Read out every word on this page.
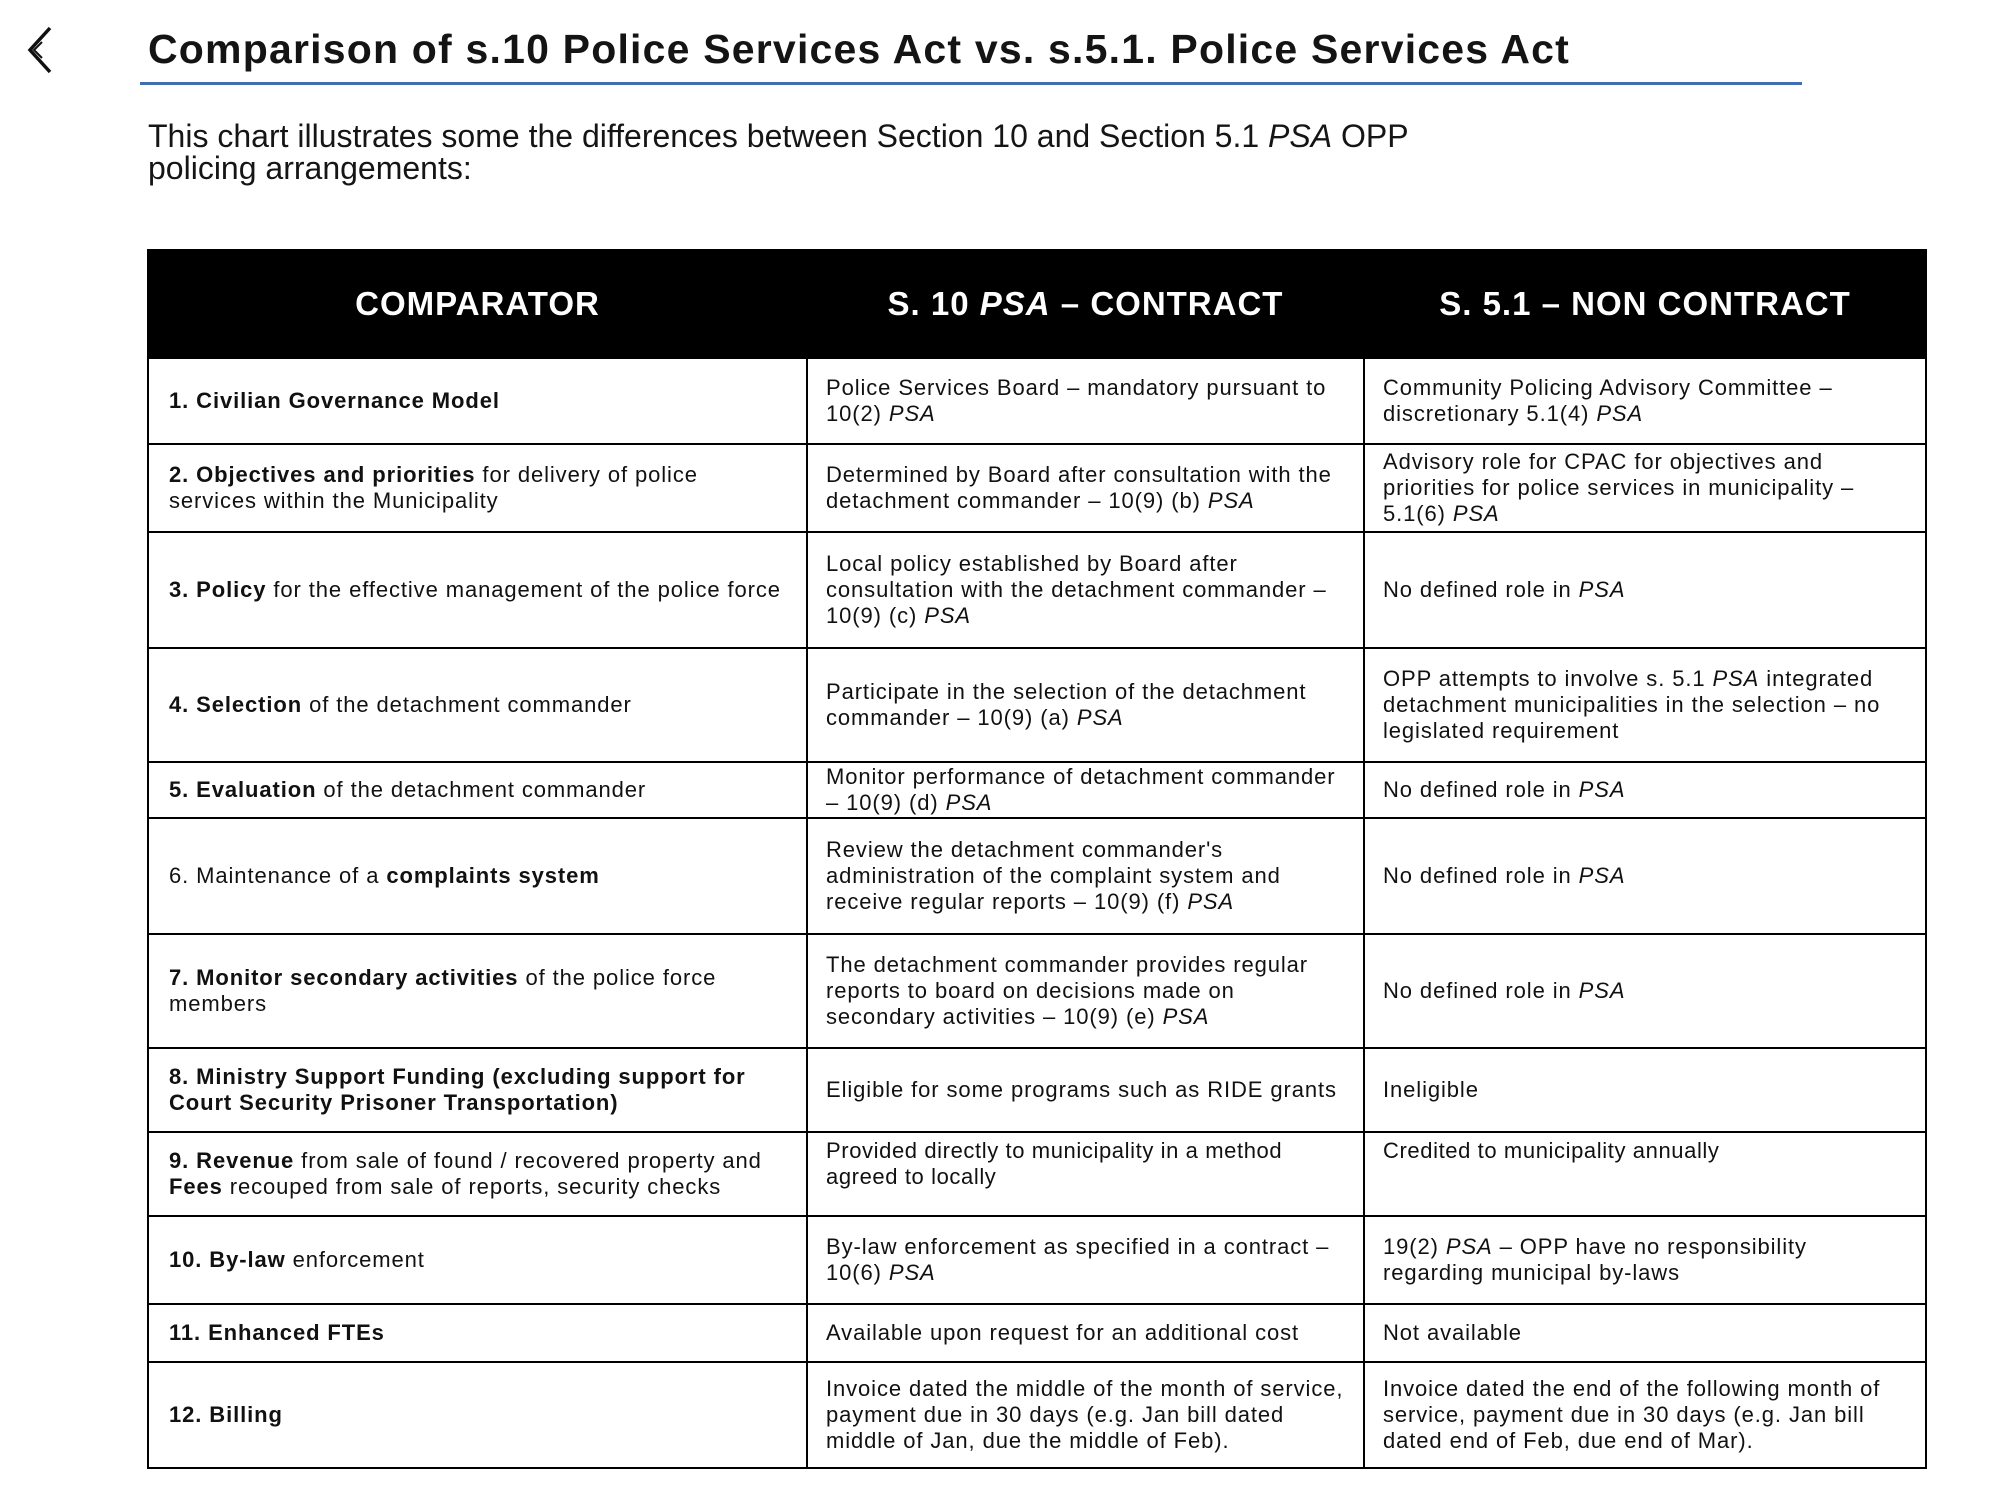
Comparison of s.10 Police Services Act vs. s.5.1. Police Services Act
This chart illustrates some the differences between Section 10 and Section 5.1 PSA OPP
policing arrangements:
COMPARATOR	S. 10 PSA – CONTRACT	S. 5.1 – NON CONTRACT
1. Civilian Governance Model	Police Services Board – mandatory pursuant to 10(2) PSA	Community Policing Advisory Committee – discretionary 5.1(4) PSA
2. Objectives and priorities for delivery of police services within the Municipality	Determined by Board after consultation with the detachment commander – 10(9) (b) PSA	Advisory role for CPAC for objectives and priorities for police services in municipality – 5.1(6) PSA
3. Policy for the effective management of the police force	Local policy established by Board after consultation with the detachment commander – 10(9) (c) PSA	No defined role in PSA
4. Selection of the detachment commander	Participate in the selection of the detachment commander – 10(9) (a) PSA	OPP attempts to involve s. 5.1 PSA integrated detachment municipalities in the selection – no legislated requirement
5. Evaluation of the detachment commander	Monitor performance of detachment commander – 10(9) (d) PSA	No defined role in PSA
6. Maintenance of a complaints system	Review the detachment commander's administration of the complaint system and receive regular reports – 10(9) (f) PSA	No defined role in PSA
7. Monitor secondary activities of the police force members	The detachment commander provides regular reports to board on decisions made on secondary activities – 10(9) (e) PSA	No defined role in PSA
8. Ministry Support Funding (excluding support for Court Security Prisoner Transportation)	Eligible for some programs such as RIDE grants	Ineligible
9. Revenue from sale of found / recovered property and Fees recouped from sale of reports, security checks	Provided directly to municipality in a method agreed to locally	Credited to municipality annually
10. By-law enforcement	By-law enforcement as specified in a contract – 10(6) PSA	19(2) PSA – OPP have no responsibility regarding municipal by-laws
11. Enhanced FTEs	Available upon request for an additional cost	Not available
12. Billing	Invoice dated the middle of the month of service, payment due in 30 days (e.g. Jan bill dated middle of Jan, due the middle of Feb).	Invoice dated the end of the following month of service, payment due in 30 days (e.g. Jan bill dated end of Feb, due end of Mar).
